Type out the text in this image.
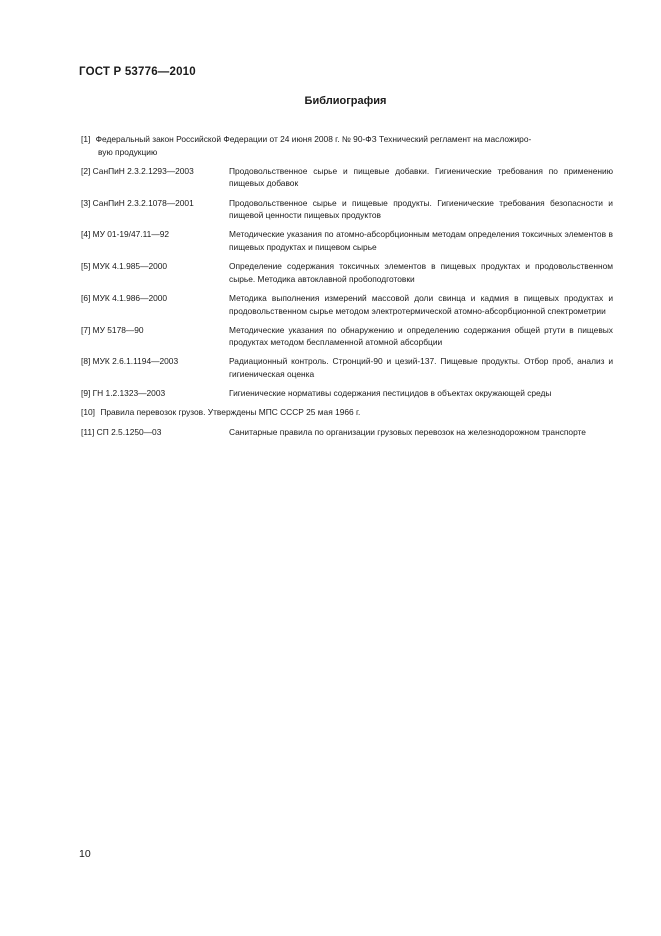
ГОСТ Р 53776—2010
Библиография
[1] Федеральный закон Российской Федерации от 24 июня 2008 г. № 90-ФЗ Технический регламент на масложиро-
вую продукцию
[2] СанПиН 2.3.2.1293—2003	Продовольственное сырье и пищевые добавки. Гигиенические требования по применению пищевых добавок
[3] СанПиН 2.3.2.1078—2001	Продовольственное сырье и пищевые продукты. Гигиенические требования безопасности и пищевой ценности пищевых продуктов
[4] МУ 01-19/47.11—92	Методические указания по атомно-абсорбционным методам определения токсичных элементов в пищевых продуктах и пищевом сырье
[5] МУК 4.1.985—2000	Определение содержания токсичных элементов в пищевых продуктах и продовольственном сырье. Методика автоклавной пробоподготовки
[6] МУК 4.1.986—2000	Методика выполнения измерений массовой доли свинца и кадмия в пищевых продуктах и продовольственном сырье методом электротермической атомно-абсорбционной спектрометрии
[7] МУ 5178—90	Методические указания по обнаружению и определению содержания общей ртути в пищевых продуктах методом беспламенной атомной абсорбции
[8] МУК 2.6.1.1194—2003	Радиационный контроль. Стронций-90 и цезий-137. Пищевые продукты. Отбор проб, анализ и гигиеническая оценка
[9] ГН 1.2.1323—2003	Гигиенические нормативы содержания пестицидов в объектах окружающей среды
[10] Правила перевозок грузов. Утверждены МПС СССР 25 мая 1966 г.
[11] СП 2.5.1250—03	Санитарные правила по организации грузовых перевозок на железнодорожном транспорте
10
